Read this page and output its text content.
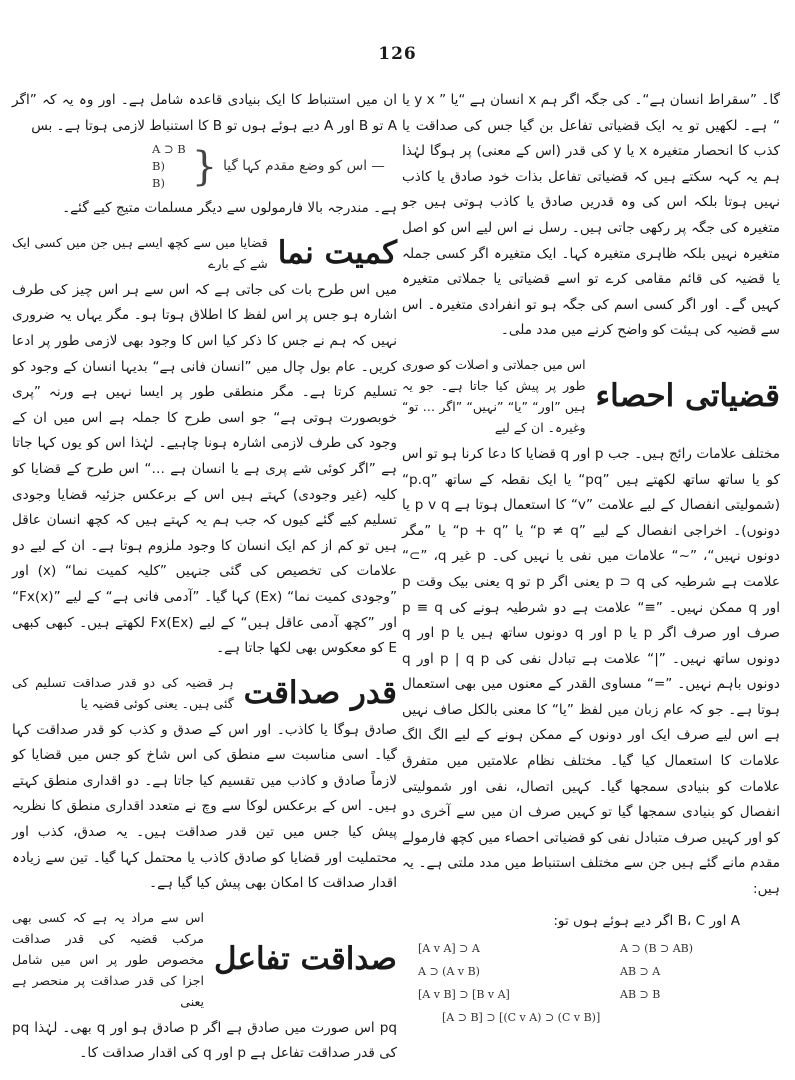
126

گا۔ ”سقراط انسان ہے“۔ کی جگہ اگر ہم x انسان ہے “یا ” y x یا “ ہے۔ لکھیں تو یہ ایک قضیاتی تفاعل بن گیا جس کی صداقت یا کذب کا انحصار متغیرہ x یا y کی قدر (اس کے معنی) پر ہوگا لہٰذا ہم یہ کہہ سکتے ہیں کہ قضیاتی تفاعل بذات خود صادق یا کاذب نہیں ہوتا بلکہ اس کی وہ قدریں صادق یا کاذب ہوتی ہیں جو متغیرہ کی جگہ پر رکھی جاتی ہیں۔ رسل نے اس لیے اس کو اصل متغیرہ نہیں بلکہ ظاہری متغیرہ کہا۔ ایک متغیرہ اگر کسی جملہ یا قضیہ کی قائم مقامی کرے تو اسے قضیاتی یا جملاتی متغیرہ کہیں گے۔ اور اگر کسی اسم کی جگہ ہو تو انفرادی متغیرہ۔ اس سے قضیہ کی ہیئت کو واضح کرنے میں مدد ملی۔

قضیاتی احصاء
اس میں جملاتی و اصلات کو صوری طور پر پیش کیا جاتا ہے۔ جو یہ ہیں ”اور“ ”یا“ ”نہیں“ ”اگر … تو“ وغیرہ۔ ان کے لیے

مختلف علامات رائج ہیں۔ جب p اور q قضایا کا دعا کرنا ہو تو اس کو یا ساتھ ساتھ لکھتے ہیں ”pq“ یا ایک نقطہ کے ساتھ ”p.q“ (شمولیتی انفصال کے لیے علامت ”v“ کا استعمال ہوتا ہے p v q یا دونوں)۔ اخراجی انفصال کے لیے ”p ≠ q“ یا ”p + q“ یا ”مگر دونوں نہیں“، ”~“ علامات میں نفی یا نہیں کی۔ p غیر q، ”⊃“ علامت ہے شرطیہ کی p ⊃ q یعنی اگر p تو q یعنی بیک وقت p اور q ممکن نہیں۔ ”≡“ علامت ہے دو شرطیہ ہونے کی p ≡ q صرف اور صرف اگر p یا p اور q دونوں ساتھ ہیں یا p اور q دونوں ساتھ نہیں۔ ”|“ علامت ہے تبادل نفی کی p | q p اور q دونوں باہم نہیں۔ ”=“ مساوی القدر کے معنوں میں بھی استعمال ہوتا ہے۔ جو کہ عام زبان میں لفظ ”یا“ کا معنی بالکل صاف نہیں ہے اس لیے صرف ایک اور دونوں کے ممکن ہونے کے لیے الگ الگ علامات کا استعمال کیا گیا۔ مختلف نظام علامتیں میں متفرق علامات کو بنیادی سمجھا گیا۔ کہیں اتصال، نفی اور شمولیتی انفصال کو بنیادی سمجھا گیا تو کہیں صرف ان میں سے آخری دو کو اور کہیں صرف متبادل نفی کو قضیاتی احصاء میں کچھ فارمولے مقدم مانے گئے ہیں جن سے مختلف استنباط میں مدد ملتی ہے۔ یہ ہیں:

A اور B، C اگر دیے ہوئے ہوں تو:
[A v A] ⊃ A	A ⊃ (B ⊃ AB)
A ⊃ (A v B)	AB ⊃ A
[A v B] ⊃ [B v A]	AB ⊃ B
[A ⊃ B] ⊃ [(C v A) ⊃ (C v B)]

ان میں استنباط کا ایک بنیادی قاعدہ شامل ہے۔ اور وہ یہ کہ ”اگر A تو B اور A دیے ہوئے ہوں تو B کا استنباط لازمی ہوتا ہے۔ بس

A ⊃ B
B)
B) } — اس کو وضع مقدم کہا گیا

ہے۔ مندرجہ بالا فارمولوں سے دیگر مسلمات متیج کیے گئے۔

کمیت نما
قضایا میں سے کچھ ایسے ہیں جن میں کسی ایک شے کے بارے

میں اس طرح بات کی جاتی ہے کہ اس سے ہر اس چیز کی طرف اشارہ ہو جس پر اس لفظ کا اطلاق ہوتا ہو۔ مگر یہاں یہ ضروری نہیں کہ ہم نے جس کا ذکر کیا اس کا وجود بھی لازمی طور پر ادعا کریں۔ عام بول چال میں ”انسان فانی ہے“ بدیہا انسان کے وجود کو تسلیم کرتا ہے۔ مگر منطقی طور پر ایسا نہیں ہے ورنہ ”پری خوبصورت ہوتی ہے“ جو اسی طرح کا جملہ ہے اس میں ان کے وجود کی طرف لازمی اشارہ ہونا چاہیے۔ لہٰذا اس کو یوں کہا جاتا ہے ”اگر کوئی شے پری ہے یا انسان ہے …“ اس طرح کے قضایا کو کلیہ (غیر وجودی) کہتے ہیں اس کے برعکس جزئیہ قضایا وجودی تسلیم کیے گئے کیوں کہ جب ہم یہ کہتے ہیں کہ کچھ انسان عاقل ہیں تو کم از کم ایک انسان کا وجود ملزوم ہوتا ہے۔ ان کے لیے دو علامات کی تخصیص کی گئی جنہیں ”کلیہ کمیت نما“ (x) اور ”وجودی کمیت نما“ (Ex) کہا گیا۔ ”آدمی فانی ہے“ کے لیے ”(x)Fx“ اور ”کچھ آدمی عاقل ہیں“ کے لیے (Ex)Fx لکھتے ہیں۔ کبھی کبھی E کو معکوس بھی لکھا جاتا ہے۔

قدر صداقت
ہر قضیہ کی دو قدر صداقت تسلیم کی گئی ہیں۔ یعنی کوئی قضیہ یا

صادق ہوگا یا کاذب۔ اور اس کے صدق و کذب کو قدر صداقت کہا گیا۔ اسی مناسبت سے منطق کی اس شاخ کو جس میں قضایا کو لازماً صادق و کاذب میں تقسیم کیا جاتا ہے۔ دو اقداری منطق کہتے ہیں۔ اس کے برعکس لوکا سے وچ نے متعدد اقداری منطق کا نظریہ پیش کیا جس میں تین قدر صداقت ہیں۔ یہ صدق، کذب اور محتملیت اور قضایا کو صادق کاذب یا محتمل کہا گیا۔ تین سے زیادہ اقدار صداقت کا امکان بھی پیش کیا گیا ہے۔

صداقت تفاعل
اس سے مراد یہ ہے کہ کسی بھی مرکب قضیہ کی قدر صداقت مخصوص طور پر اس میں شامل اجزا کی قدر صداقت پر منحصر ہے یعنی

pq اس صورت میں صادق ہے اگر p صادق ہو اور q بھی۔ لہٰذا pq کی قدر صداقت تفاعل ہے p اور q کی اقدار صداقت کا۔
